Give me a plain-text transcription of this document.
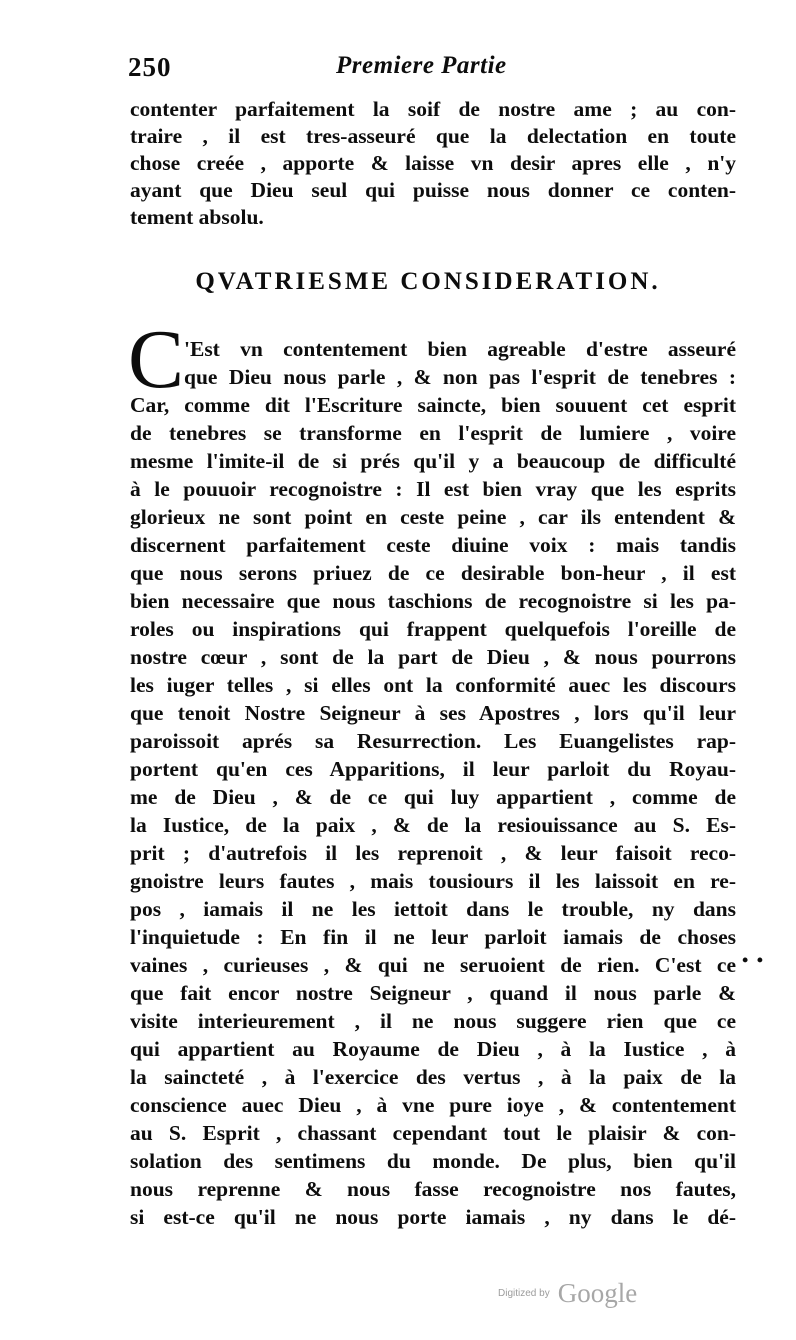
250	Premiere Partie
contenter parfaitement la soif de nostre ame ; au con-
traire , il est tres-asseuré que la delectation en toute
chose creée , apporte & laisse vn desir apres elle , n'y
ayant que Dieu seul qui puisse nous donner ce conten-
tement absolu.
QVATRIESME CONSIDERATION.
C 'Est vn contentement bien agreable d'estre asseuré
que Dieu nous parle , & non pas l'esprit de tenebres :
Car, comme dit l'Escriture saincte, bien souuent cet esprit
de tenebres se transforme en l'esprit de lumiere , voire
mesme l'imite-il de si prés qu'il y a beaucoup de difficulté
à le pouuoir recognoistre : Il est bien vray que les esprits
glorieux ne sont point en ceste peine , car ils entendent &
discernent parfaitement ceste diuine voix : mais tandis
que nous serons priuez de ce desirable bon-heur , il est
bien necessaire que nous taschions de recognoistre si les pa-
roles ou inspirations qui frappent quelquefois l'oreille de
nostre cœur , sont de la part de Dieu , & nous pourrons
les iuger telles , si elles ont la conformité auec les discours
que tenoit Nostre Seigneur à ses Apostres , lors qu'il leur
paroissoit aprés sa Resurrection. Les Euangelistes rap-
portent qu'en ces Apparitions, il leur parloit du Royau-
me de Dieu , & de ce qui luy appartient , comme de
la Iustice, de la paix , & de la resiouissance au S. Es-
prit ; d'autrefois il les reprenoit , & leur faisoit reco-
gnoistre leurs fautes , mais tousiours il les laissoit en re-
pos , iamais il ne les iettoit dans le trouble, ny dans
l'inquietude : En fin il ne leur parloit iamais de choses
vaines , curieuses , & qui ne seruoient de rien. C'est ce
que fait encor nostre Seigneur , quand il nous parle &
visite interieurement , il ne nous suggere rien que ce
qui appartient au Royaume de Dieu , à la Iustice , à
la saincteté , à l'exercice des vertus , à la paix de la
conscience auec Dieu , à vne pure ioye , & contentement
au S. Esprit , chassant cependant tout le plaisir & con-
solation des sentimens du monde. De plus, bien qu'il
nous reprenne & nous fasse recognoistre nos fautes,
si est-ce qu'il ne nous porte iamais , ny dans le dé-
• •
Digitized by Google
